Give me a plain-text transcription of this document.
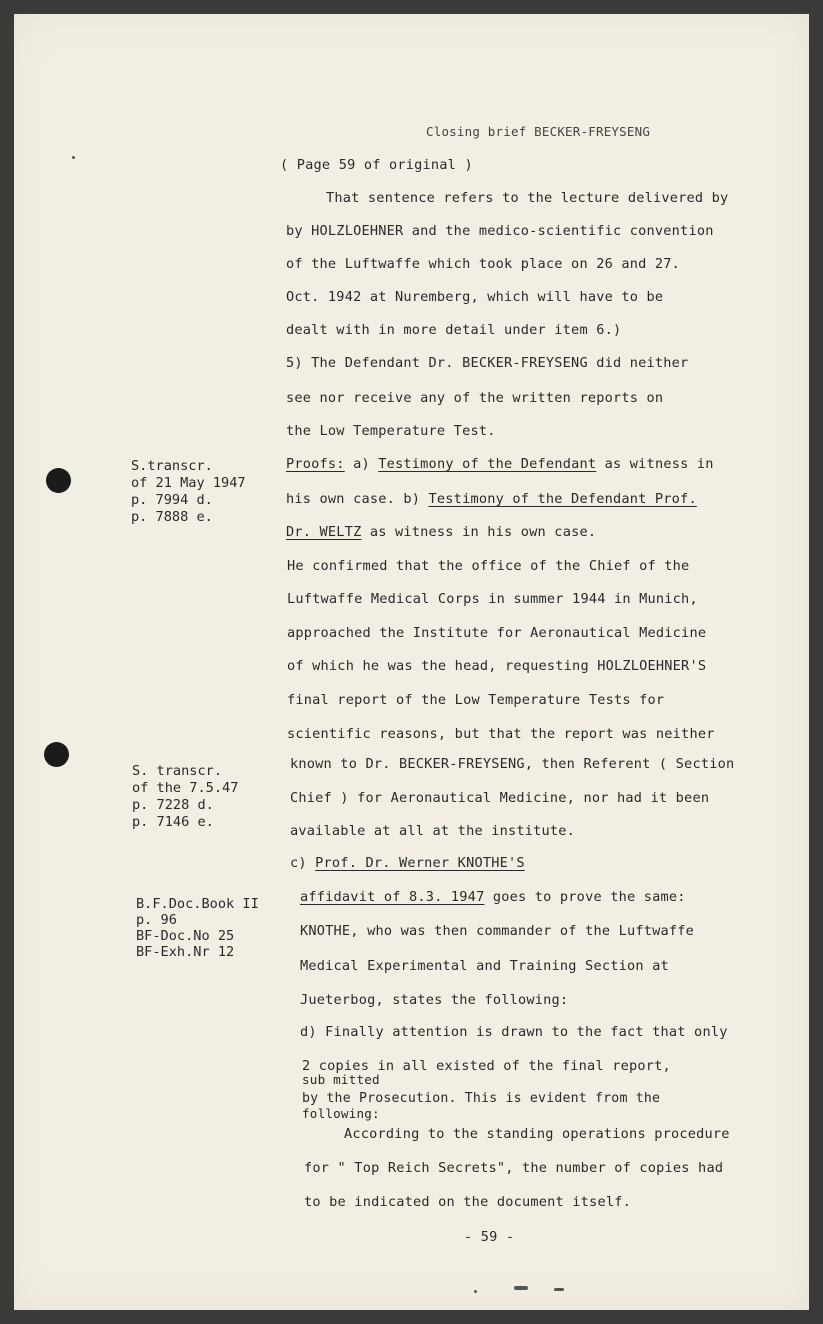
Closing brief BECKER-FREYSENG
( Page 59 of original )
That sentence refers to the lecture delivered by
by HOLZLOEHNER and the medico-scientific convention
of the Luftwaffe which took place on 26 and 27.
Oct. 1942 at Nuremberg, which will have to be
dealt with in more detail under item 6.)
5) The Defendant Dr. BECKER-FREYSENG did neither
see nor receive any of the written reports on
the Low Temperature Test.
Proofs: a) Testimony of the Defendant as witness in
his own case. b) Testimony of the Defendant Prof.
Dr. WELTZ as witness in his own case.
He confirmed that the office of the Chief of the
Luftwaffe Medical Corps in summer 1944 in Munich,
approached the Institute for Aeronautical Medicine
of which he was the head, requesting HOLZLOEHNER'S
final report of the Low Temperature Tests for
scientific reasons, but that the report was neither
known to Dr. BECKER-FREYSENG, then Referent ( Section
Chief ) for Aeronautical Medicine, nor had it been
available at all at the institute.
c) Prof. Dr. Werner KNOTHE'S
affidavit of 8.3. 1947 goes to prove the same:
KNOTHE, who was then commander of the Luftwaffe
Medical Experimental and Training Section at
Jueterbog, states the following:
d) Finally attention is drawn to the fact that only
2 copies in all existed of the final report,
sub mitted
by the Prosecution. This is evident from the
following:
According to the standing operations procedure
for " Top Reich Secrets", the number of copies had
to be indicated on the document itself.
S.transcr.
of 21 May 1947
p. 7994 d.
p. 7888 e.
S. transcr.
of the 7.5.47
p. 7228 d.
p. 7146 e.
B.F.Doc.Book II
p. 96
BF-Doc.No 25
BF-Exh.Nr 12
- 59 -
